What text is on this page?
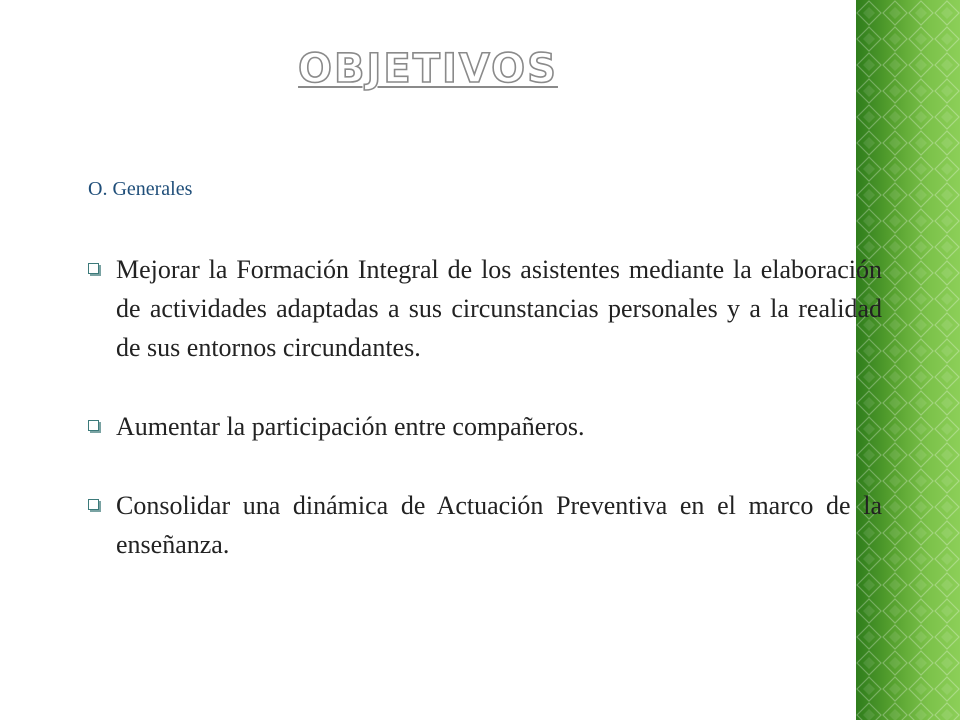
OBJETIVOS

O. Generales

Mejorar la Formación Integral de los asistentes mediante la elaboración de actividades adaptadas a sus circunstancias personales y a la realidad de sus entornos circundantes.
Aumentar la participación entre compañeros.
Consolidar una dinámica de Actuación Preventiva en el marco de la enseñanza.
